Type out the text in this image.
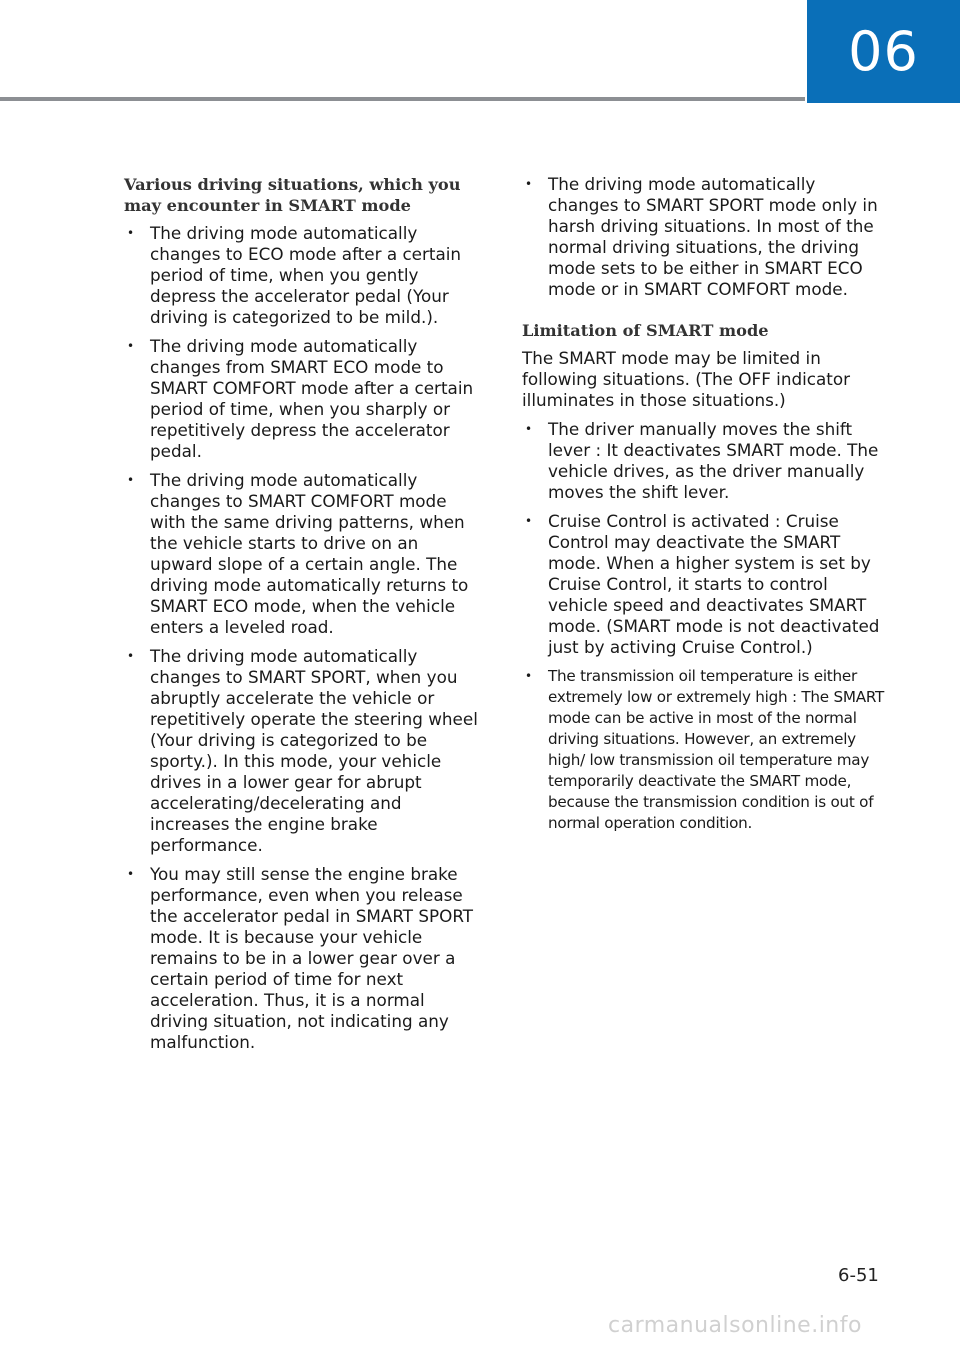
06
Various driving situations, which you may encounter in SMART mode
• The driving mode automatically changes to ECO mode after a certain period of time, when you gently depress the accelerator pedal (Your driving is categorized to be mild.).
• The driving mode automatically changes from SMART ECO mode to SMART COMFORT mode after a certain period of time, when you sharply or repetitively depress the accelerator pedal.
• The driving mode automatically changes to SMART COMFORT mode with the same driving patterns, when the vehicle starts to drive on an upward slope of a certain angle. The driving mode automatically returns to SMART ECO mode, when the vehicle enters a leveled road.
• The driving mode automatically changes to SMART SPORT, when you abruptly accelerate the vehicle or repetitively operate the steering wheel (Your driving is categorized to be sporty.). In this mode, your vehicle drives in a lower gear for abrupt accelerating/decelerating and increases the engine brake performance.
• You may still sense the engine brake performance, even when you release the accelerator pedal in SMART SPORT mode. It is because your vehicle remains to be in a lower gear over a certain period of time for next acceleration. Thus, it is a normal driving situation, not indicating any malfunction.
• The driving mode automatically changes to SMART SPORT mode only in harsh driving situations. In most of the normal driving situations, the driving mode sets to be either in SMART ECO mode or in SMART COMFORT mode.
Limitation of SMART mode

The SMART mode may be limited in following situations. (The OFF indicator illuminates in those situations.)

• The driver manually moves the shift lever : It deactivates SMART mode. The vehicle drives, as the driver manually moves the shift lever.
• Cruise Control is activated : Cruise Control may deactivate the SMART mode. When a higher system is set by Cruise Control, it starts to control vehicle speed and deactivates SMART mode. (SMART mode is not deactivated just by activing Cruise Control.)
• The transmission oil temperature is either extremely low or extremely high : The SMART mode can be active in most of the normal driving situations. However, an extremely high/ low transmission oil temperature may temporarily deactivate the SMART mode, because the transmission condition is out of normal operation condition.
6-51
carmanualsonline.info
